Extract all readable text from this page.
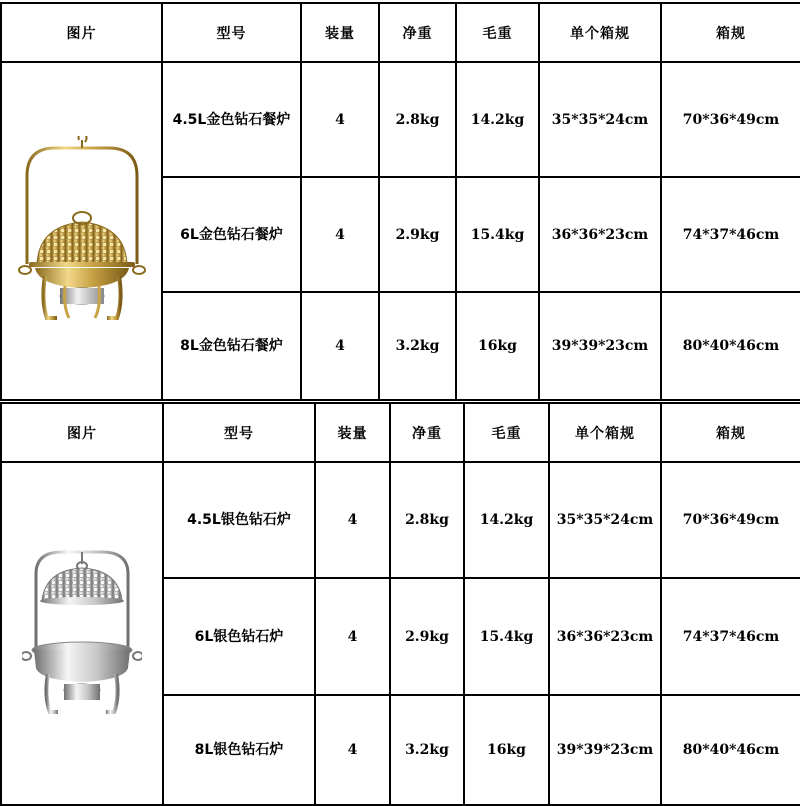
图片	型号	装量	净重	毛重	单个箱规	箱规

	4.5L金色钻石餐炉	4	2.8kg	14.2kg	35*35*24cm	70*36*49cm
	6L金色钻石餐炉	4	2.9kg	15.4kg	36*36*23cm	74*37*46cm
	8L金色钻石餐炉	4	3.2kg	16kg	39*39*23cm	80*40*46cm
图片	型号	装量	净重	毛重	单个箱规	箱规

	4.5L银色钻石炉	4	2.8kg	14.2kg	35*35*24cm	70*36*49cm
	6L银色钻石炉	4	2.9kg	15.4kg	36*36*23cm	74*37*46cm
	8L银色钻石炉	4	3.2kg	16kg	39*39*23cm	80*40*46cm
